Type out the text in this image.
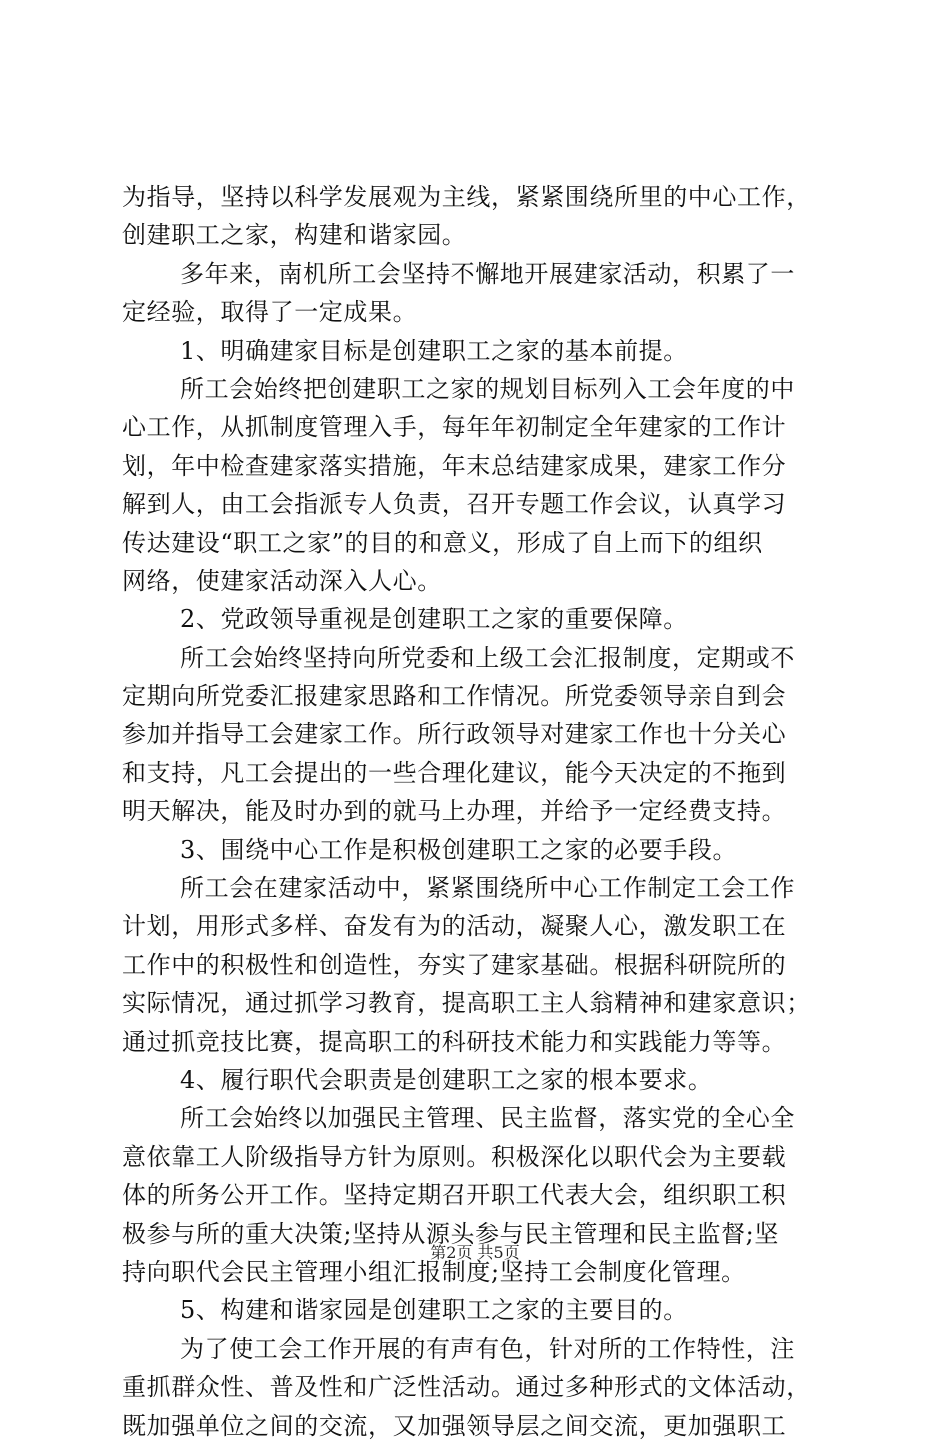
为指导，坚持以科学发展观为主线，紧紧围绕所里的中心工作，
创建职工之家，构建和谐家园。
多年来，南机所工会坚持不懈地开展建家活动，积累了一
定经验，取得了一定成果。
1、明确建家目标是创建职工之家的基本前提。
所工会始终把创建职工之家的规划目标列入工会年度的中
心工作，从抓制度管理入手，每年年初制定全年建家的工作计
划，年中检查建家落实措施，年末总结建家成果，建家工作分
解到人，由工会指派专人负责，召开专题工作会议，认真学习
传达建设“职工之家”的目的和意义，形成了自上而下的组织
网络，使建家活动深入人心。
2、党政领导重视是创建职工之家的重要保障。
所工会始终坚持向所党委和上级工会汇报制度，定期或不
定期向所党委汇报建家思路和工作情况。所党委领导亲自到会
参加并指导工会建家工作。所行政领导对建家工作也十分关心
和支持，凡工会提出的一些合理化建议，能今天决定的不拖到
明天解决，能及时办到的就马上办理，并给予一定经费支持。
3、围绕中心工作是积极创建职工之家的必要手段。
所工会在建家活动中，紧紧围绕所中心工作制定工会工作
计划，用形式多样、奋发有为的活动，凝聚人心，激发职工在
工作中的积极性和创造性，夯实了建家基础。根据科研院所的
实际情况，通过抓学习教育，提高职工主人翁精神和建家意识；
通过抓竞技比赛，提高职工的科研技术能力和实践能力等等。
4、履行职代会职责是创建职工之家的根本要求。
所工会始终以加强民主管理、民主监督，落实党的全心全
意依靠工人阶级指导方针为原则。积极深化以职代会为主要载
体的所务公开工作。坚持定期召开职工代表大会，组织职工积
极参与所的重大决策;坚持从源头参与民主管理和民主监督;坚
持向职代会民主管理小组汇报制度;坚持工会制度化管理。
5、构建和谐家园是创建职工之家的主要目的。
为了使工会工作开展的有声有色，针对所的工作特性，注
重抓群众性、普及性和广泛性活动。通过多种形式的文体活动，
既加强单位之间的交流，又加强领导层之间交流，更加强职工
第2页 共5页
